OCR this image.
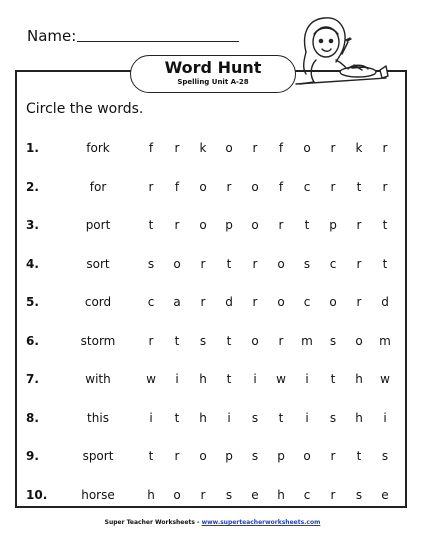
Name:
Word Hunt
Spelling Unit A-28
Circle the words.
1.	fork	f	r k o r	f	o r k r
2.	for	r	f	o r o	f	c r	t	r
3.	port	t	r o p o r	t	p r	t
4.	sort	s o r	t	r o s c r	t
5.	cord	c a r d r o c o r d
6.	storm	r	t	s	t	o r m s o m
7.	with	w	i	h	t	i	w	i	t	h w
8.	this	i	t	h	i	s	t	i	s h	i
9.	sport	t	r o p s p o r	t	s
10.	horse	h o r s e h c r s e
Super Teacher Worksheets - www.superteacherworksheets.com
